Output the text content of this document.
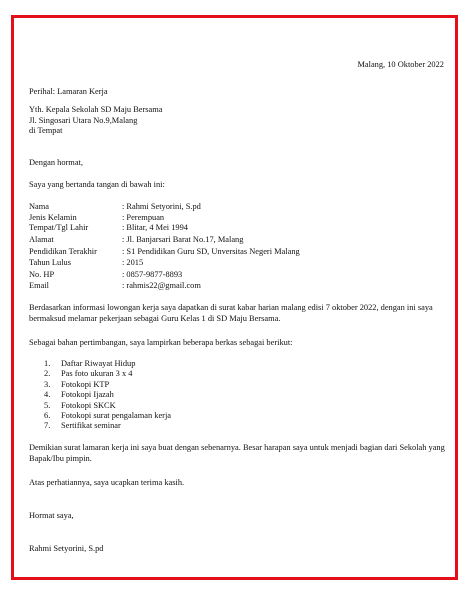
Malang, 10 Oktober 2022
Perihal: Lamaran Kerja
Yth. Kepala Sekolah SD Maju Bersama
Jl. Singosari Utara No.9,Malang
di Tempat
Dengan hormat,
Saya yang bertanda tangan di bawah ini:
Nama	: Rahmi Setyorini, S.pd
Jenis Kelamin	: Perempuan
Tempat/Tgl Lahir	: Blitar, 4 Mei 1994
Alamat	: Jl. Banjarsari Barat No.17, Malang
Pendidikan Terakhir	: S1 Pendidikan Guru SD, Unversitas Negeri Malang
Tahun Lulus	: 2015
No. HP	: 0857-9877-8893
Email	: rahmis22@gmail.com
Berdasarkan informasi lowongan kerja saya dapatkan di surat kabar harian malang edisi 7 oktober 2022, dengan ini saya bermaksud melamar pekerjaan sebagai Guru Kelas 1 di SD Maju Bersama.
Sebagai bahan pertimbangan, saya lampirkan beberapa berkas sebagai berikut:
1. Daftar Riwayat Hidup
2. Pas foto ukuran 3 x 4
3. Fotokopi KTP
4. Fotokopi Ijazah
5. Fotokopi SKCK
6. Fotokopi surat pengalaman kerja
7. Sertifikat seminar
Demikian surat lamaran kerja ini saya buat dengan sebenarnya. Besar harapan saya untuk menjadi bagian dari Sekolah yang Bapak/Ibu pimpin.
Atas perhatiannya, saya ucapkan terima kasih.
Hormat saya,
Rahmi Setyorini, S.pd
